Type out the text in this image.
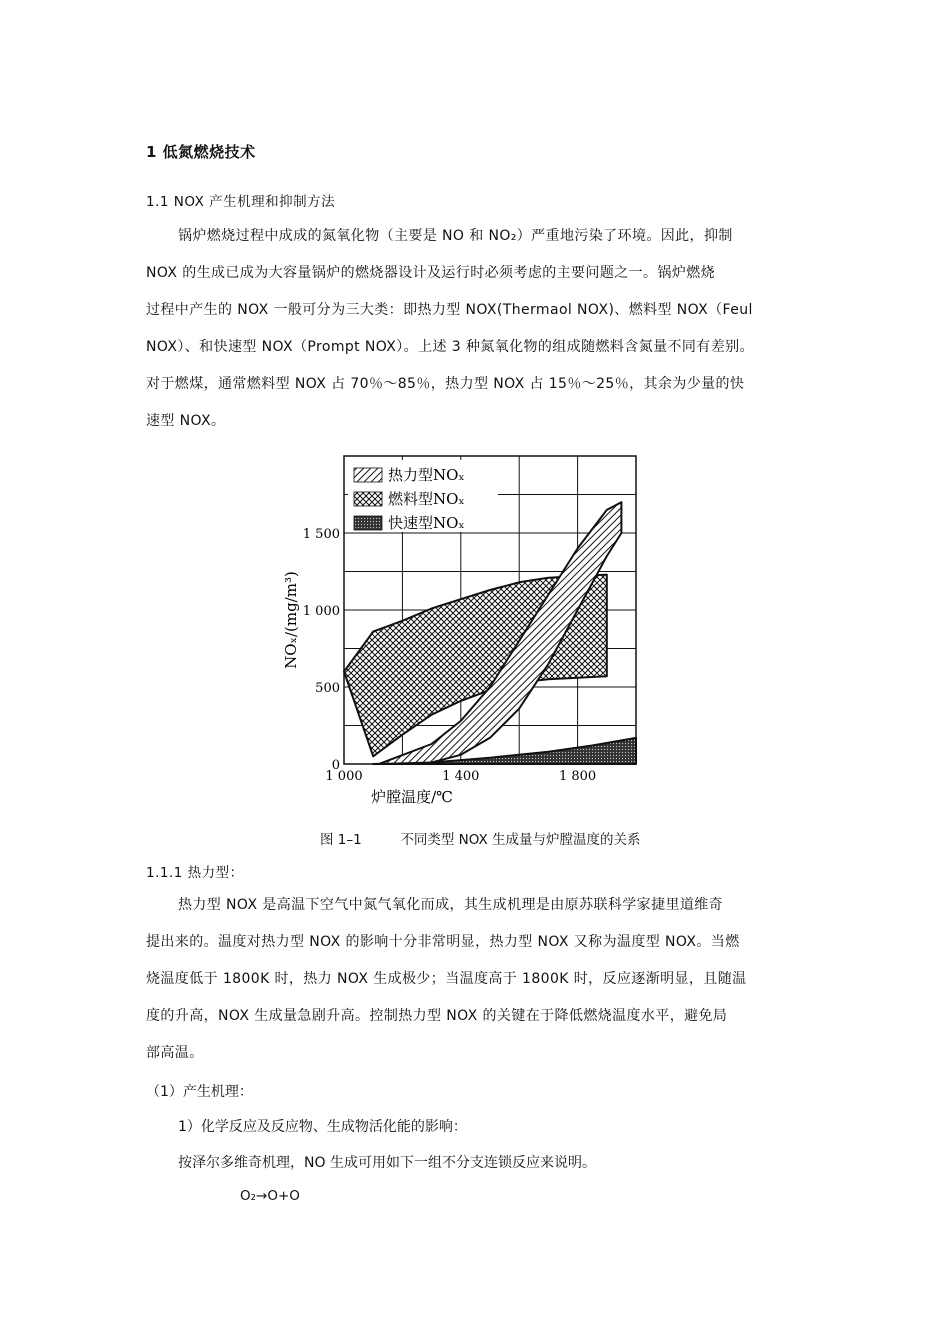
1 低氮燃烧技术
1.1 NOX 产生机理和抑制方法
锅炉燃烧过程中成成的氮氧化物（主要是 NO 和 NO₂）严重地污染了环境。因此，抑制
NOX 的生成已成为大容量锅炉的燃烧器设计及运行时必须考虑的主要问题之一。锅炉燃烧
过程中产生的 NOX 一般可分为三大类：即热力型 NOX(Thermaol NOX)、燃料型 NOX（Feul
NOX）、和快速型 NOX（Prompt NOX）。上述 3 种氮氧化物的组成随燃料含氮量不同有差别。
对于燃煤，通常燃料型 NOX 占 70％～85％，热力型 NOX 占 15％～25％，其余为少量的快
速型 NOX。
热力型NOₓ
燃料型NOₓ
快速型NOₓ
0
500
1 000
1 500
1 000	1 400	1 800
NOₓ/(mg/m³)
炉膛温度/℃
图 1–1	不同类型 NOX 生成量与炉膛温度的关系
1.1.1 热力型：
热力型 NOX 是高温下空气中氮气氧化而成，其生成机理是由原苏联科学家捷里道维奇
提出来的。温度对热力型 NOX 的影响十分非常明显，热力型 NOX 又称为温度型 NOX。当燃
烧温度低于 1800K 时，热力 NOX 生成极少；当温度高于 1800K 时，反应逐渐明显，且随温
度的升高，NOX 生成量急剧升高。控制热力型 NOX 的关键在于降低燃烧温度水平，避免局
部高温。
（1）产生机理：
1）化学反应及反应物、生成物活化能的影响：
按泽尔多维奇机理，NO 生成可用如下一组不分支连锁反应来说明。
O₂→O+O
